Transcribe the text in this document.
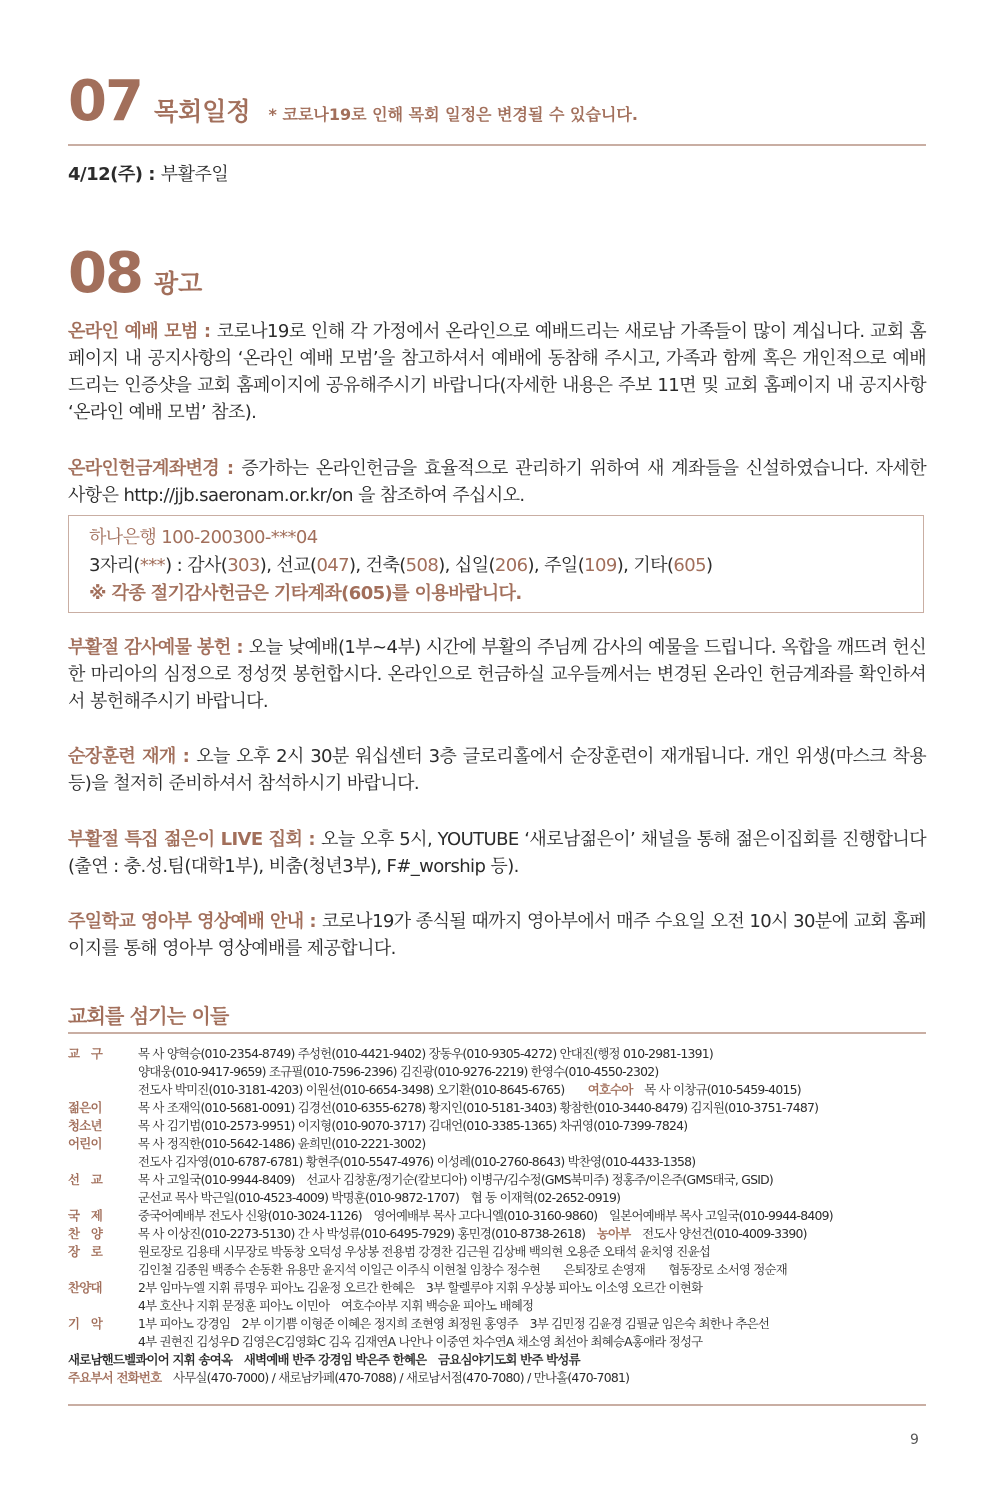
07 목회일정 * 코로나19로 인해 목회 일정은 변경될 수 있습니다.
4/12(주) : 부활주일
08 광고
온라인 예배 모범 : 코로나19로 인해 각 가정에서 온라인으로 예배드리는 새로남 가족들이 많이 계십니다. 교회 홈페이지 내 공지사항의 ‘온라인 예배 모범’을 참고하셔서 예배에 동참해 주시고, 가족과 함께 혹은 개인적으로 예배드리는 인증샷을 교회 홈페이지에 공유해주시기 바랍니다(자세한 내용은 주보 11면 및 교회 홈페이지 내 공지사항 ‘온라인 예배 모범’ 참조).
온라인헌금계좌변경 : 증가하는 온라인헌금을 효율적으로 관리하기 위하여 새 계좌들을 신설하였습니다. 자세한 사항은 http://jjb.saeronam.or.kr/on 을 참조하여 주십시오.
하나은행 100-200300-***04
3자리(***) : 감사(303), 선교(047), 건축(508), 십일(206), 주일(109), 기타(605)
※ 각종 절기감사헌금은 기타계좌(605)를 이용바랍니다.
부활절 감사예물 봉헌 : 오늘 낮예배(1부~4부) 시간에 부활의 주님께 감사의 예물을 드립니다. 옥합을 깨뜨려 헌신한 마리아의 심정으로 정성껏 봉헌합시다. 온라인으로 헌금하실 교우들께서는 변경된 온라인 헌금계좌를 확인하셔서 봉헌해주시기 바랍니다.
순장훈련 재개 : 오늘 오후 2시 30분 워십센터 3층 글로리홀에서 순장훈련이 재개됩니다. 개인 위생(마스크 착용 등)을 철저히 준비하셔서 참석하시기 바랍니다.
부활절 특집 젊은이 LIVE 집회 : 오늘 오후 5시, YOUTUBE ‘새로남젊은이’ 채널을 통해 젊은이집회를 진행합니다(출연 : 충.성.팀(대학1부), 비춤(청년3부), F#_worship 등).
주일학교 영아부 영상예배 안내 : 코로나19가 종식될 때까지 영아부에서 매주 수요일 오전 10시 30분에 교회 홈페이지를 통해 영아부 영상예배를 제공합니다.
교회를 섬기는 이들
교　구	목 사 양혁승(010-2354-8749) 주성헌(010-4421-9402) 장동우(010-9305-4272) 안대진(행정 010-2981-1391)
양대웅(010-9417-9659) 조규필(010-7596-2396) 김진광(010-9276-2219) 한영수(010-4550-2302)
전도사 박미진(010-3181-4203) 이원선(010-6654-3498) 오기환(010-8645-6765)　　 여호수아　 목 사 이창규(010-5459-4015)
젊은이	목 사 조재익(010-5681-0091) 김경선(010-6355-6278) 황지인(010-5181-3403) 황참한(010-3440-8479) 김지원(010-3751-7487)
청소년	목 사 김기범(010-2573-9951) 이지형(010-9070-3717) 김대언(010-3385-1365) 차귀영(010-7399-7824)
어린이	목 사 정직한(010-5642-1486) 윤희민(010-2221-3002)
전도사 김자영(010-6787-6781) 황현주(010-5547-4976) 이성례(010-2760-8643) 박찬영(010-4433-1358)
선　교	목 사 고일국(010-9944-8409)　선교사 김창훈/정기순(칼보디아) 이병구/김수정(GMS북미주) 정홍주/이은주(GMS태국, GSID)
군선교 목사 박근일(010-4523-4009) 박명훈(010-9872-1707)　협 동 이재혁(02-2652-0919)
국　제	중국어예배부 전도사 신왕(010-3024-1126)　영어예배부 목사 고다니엘(010-3160-9860)　일본어예배부 목사 고일국(010-9944-8409)
찬　양	목 사 이상진(010-2273-5130) 간 사 박성류(010-6495-7929) 홍민경(010-8738-2618)　 농아부　 전도사 양선건(010-4009-3390)
장　로	원로장로 김용태 시무장로 박동창 오덕성 우상봉 전용범 강경찬 김근원 김상배 백의현 오용준 오태석 윤치영 진윤섭
김인철 김종원 백종수 손동환 유용만 윤지석 이일근 이주식 이현철 임창수 정수현　　은퇴장로 손영재　　협동장로 소서영 정순재
찬양대	2부 임마누엘 지휘 류명우 피아노 김윤정 오르간 한혜은　3부 할렐루야 지휘 우상봉 피아노 이소영 오르간 이현화
4부 호산나 지휘 문정훈 피아노 이민아　여호수아부 지휘 백승윤 피아노 배혜정
기　악	1부 피아노 강경임　2부 이기쁨 이형준 이혜은 정지희 조현영 최정원 홍영주　3부 김민정 김윤경 김필균 임은숙 최한나 추은선
4부 권현진 김성우D 김영은C김영화C 김옥 김재연A 나안나 이중연 차수연A 채소영 최선아 최혜승A홍애라 정성구
새로남핸드벨콰이어 지휘 송여옥　새벽예배 반주 강경임 박은주 한혜은　금요심야기도회 반주 박성류
주요부서 전화번호　사무실(470-7000) / 새로남카페(470-7088) / 새로남서점(470-7080) / 만나홀(470-7081)
9
